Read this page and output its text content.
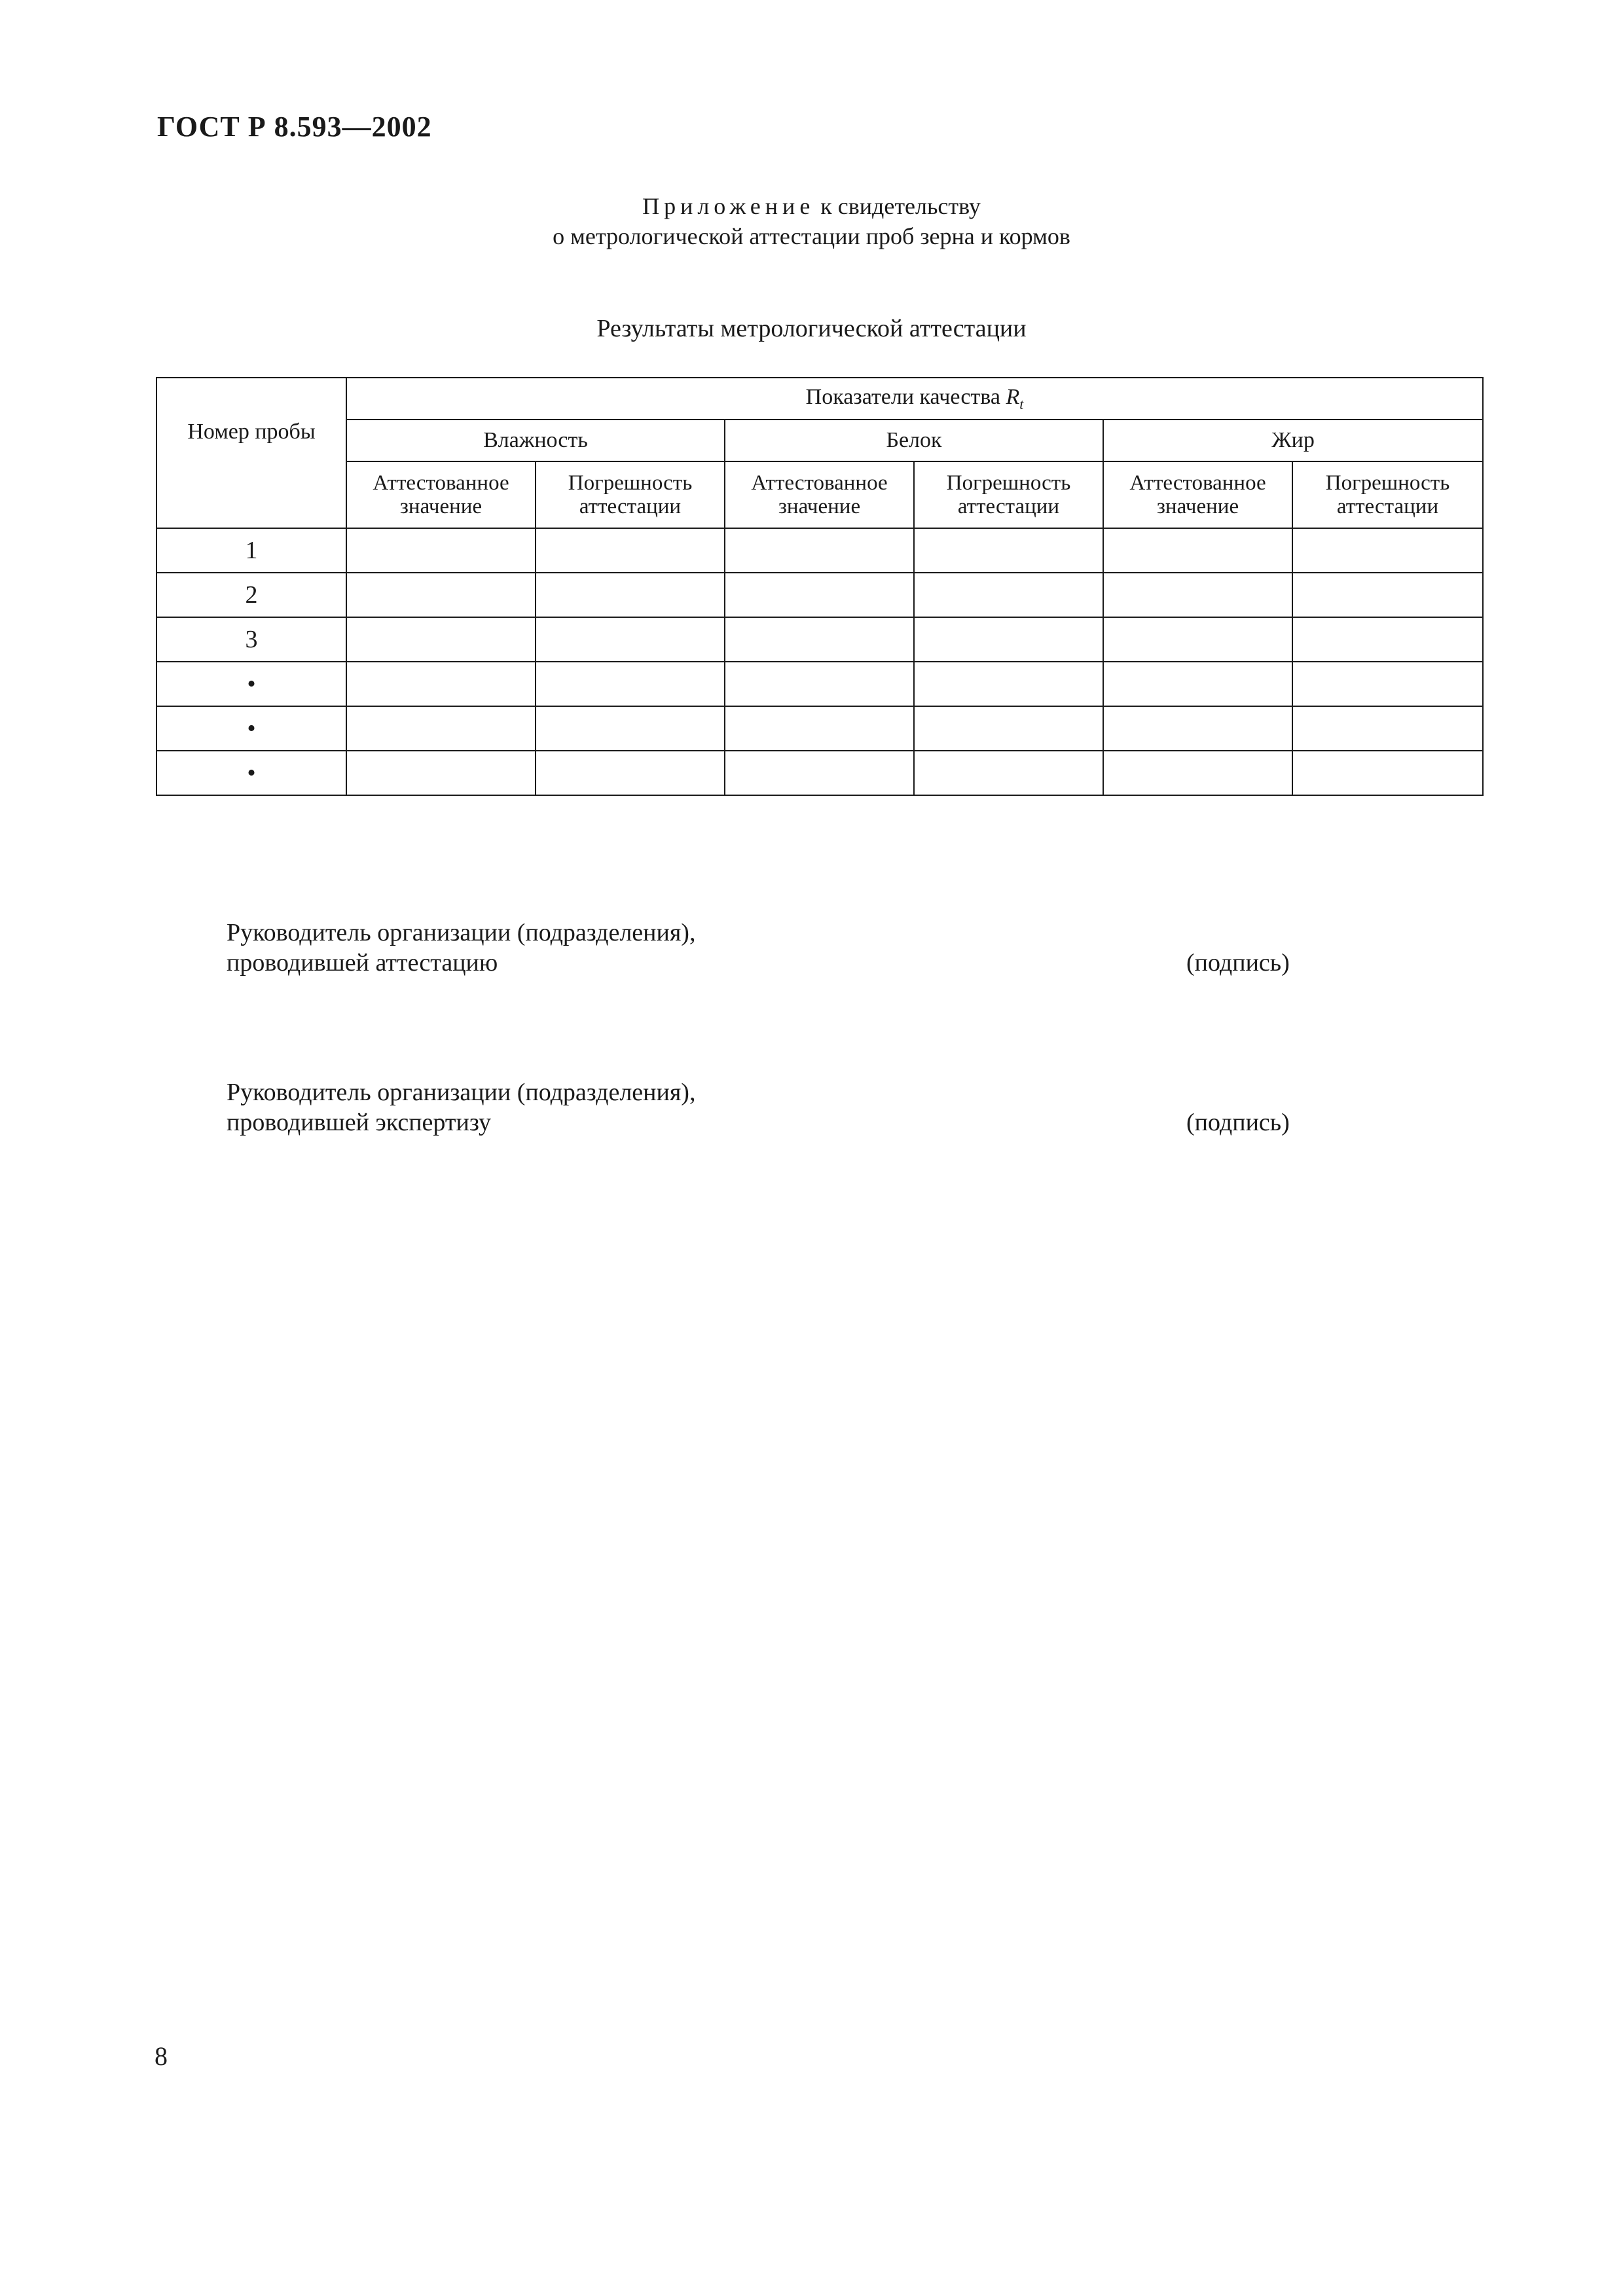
ГОСТ Р 8.593—2002
Приложение к свидетельству
о метрологической аттестации проб зерна и кормов
Результаты метрологической аттестации
Номер пробы	Показатели качества $R_t$
	Влажность		Белок		Жир	
	Аттестованное значение	Погрешность аттестации	Аттестованное значение	Погрешность аттестации	Аттестованное значение	Погрешность аттестации
1						
2						
3						
•						
•						
•						
Руководитель организации (подразделения),
проводившей аттестацию	(подпись)
Руководитель организации (подразделения),
проводившей экспертизу	(подпись)
8
